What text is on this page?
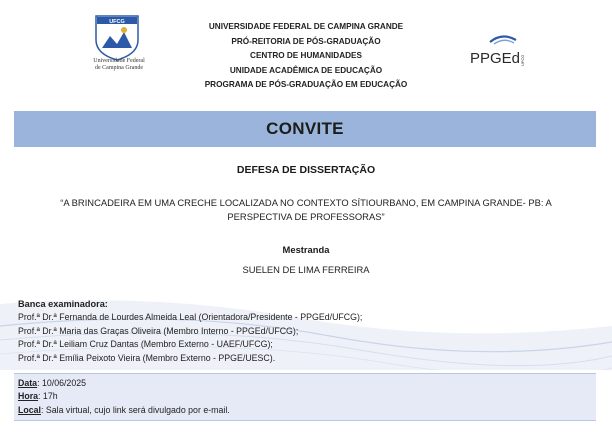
UFCG
Universidade Federal
de Campina Grande
UNIVERSIDADE FEDERAL DE CAMPINA GRANDE
PRÓ-REITORIA DE PÓS-GRADUAÇÃO
CENTRO DE HUMANIDADES
UNIDADE ACADÊMICA DE EDUCAÇÃO
PROGRAMA DE PÓS-GRADUAÇÃO EM EDUCAÇÃO
PPGEd UFCG
CONVITE
DEFESA DE DISSERTAÇÃO
“A BRINCADEIRA EM UMA CRECHE LOCALIZADA NO CONTEXTO SÍTIOURBANO, EM CAMPINA GRANDE- PB: A PERSPECTIVA DE PROFESSORAS”
Mestranda
SUELEN DE LIMA FERREIRA
Banca examinadora:
Prof.ª Dr.ª Fernanda de Lourdes Almeida Leal (Orientadora/Presidente - PPGEd/UFCG);
Prof.ª Dr.ª Maria das Graças Oliveira (Membro Interno - PPGEd/UFCG);
Prof.ª Dr.ª Leiliam Cruz Dantas (Membro Externo - UAEF/UFCG);
Prof.ª Dr.ª Emília Peixoto Vieira (Membro Externo - PPGE/UESC).
Data: 10/06/2025
Hora: 17h
Local: Sala virtual, cujo link será divulgado por e-mail.
